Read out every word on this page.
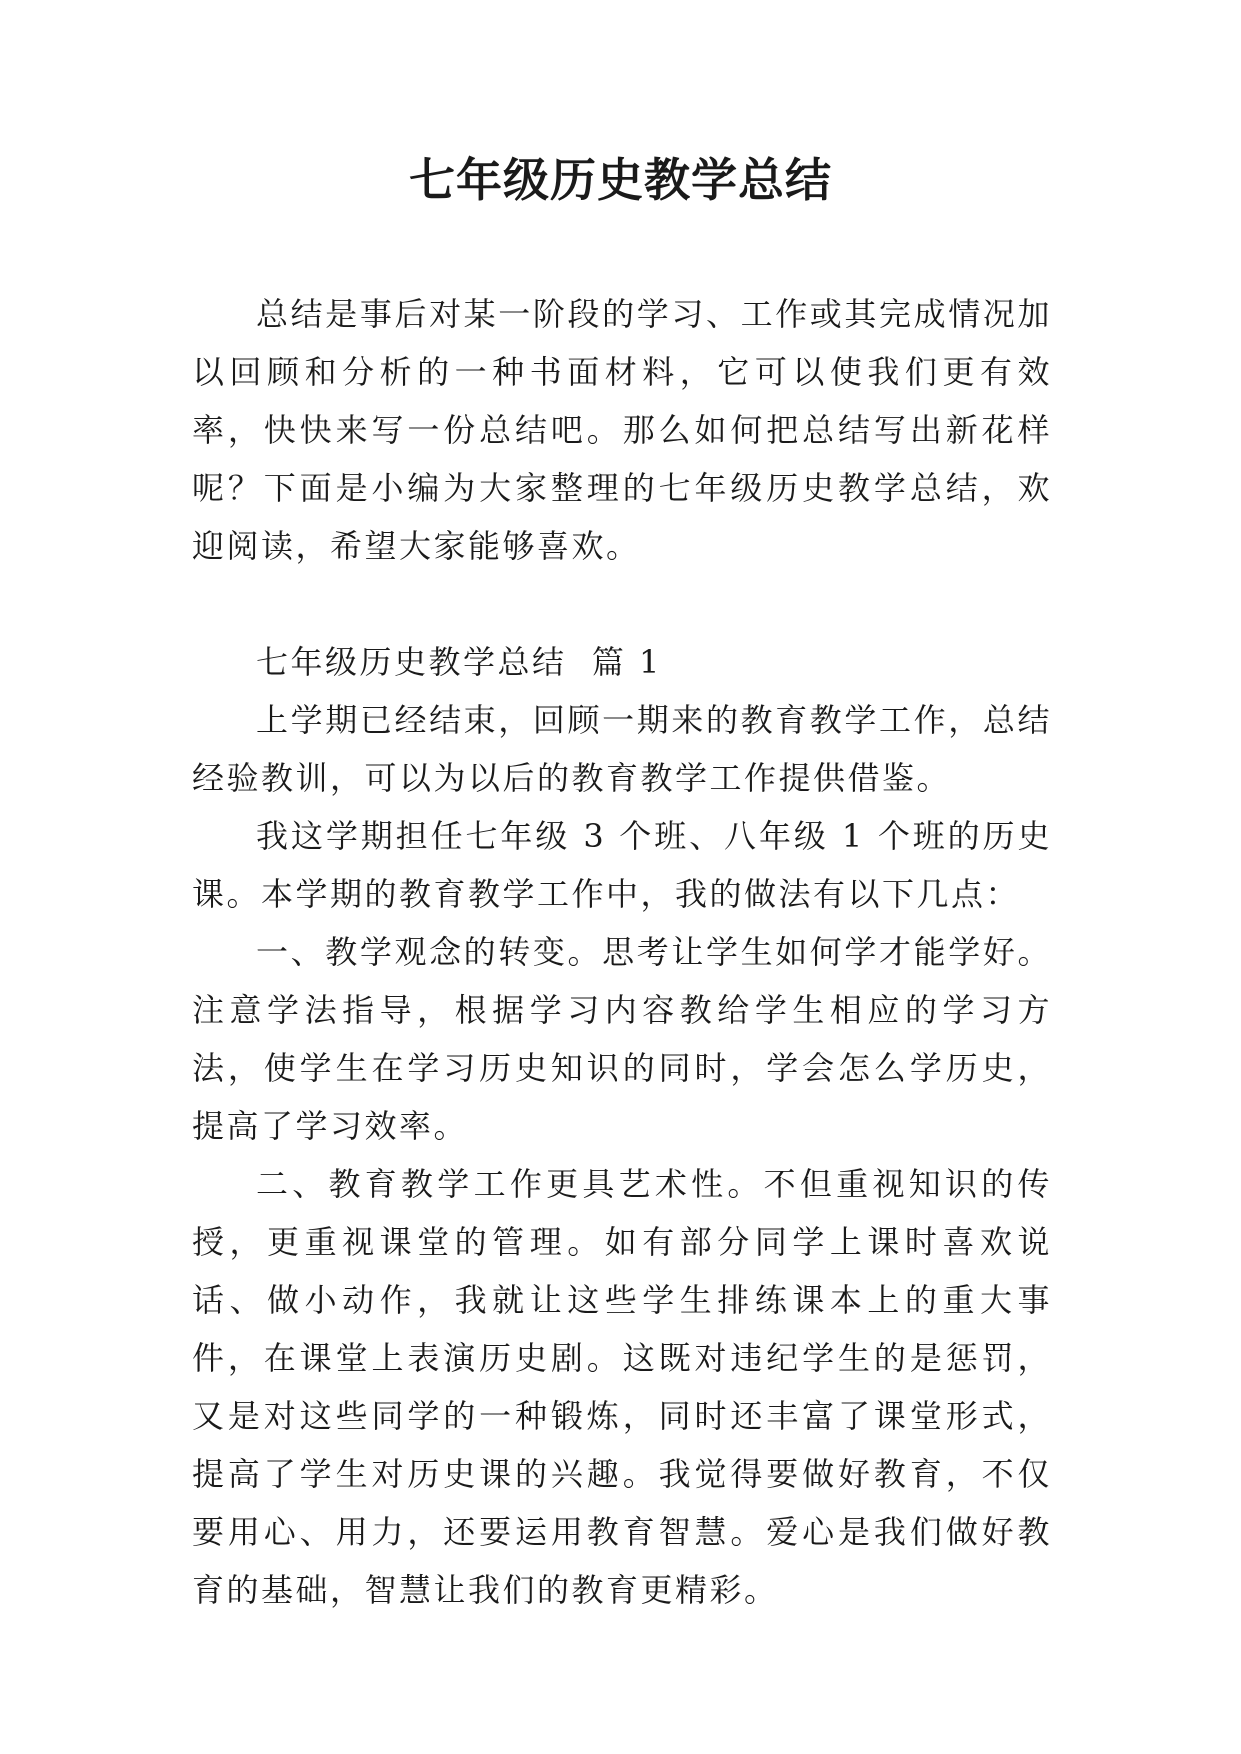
七年级历史教学总结

总结是事后对某一阶段的学习、工作或其完成情况加以回顾和分析的一种书面材料，它可以使我们更有效率，快快来写一份总结吧。那么如何把总结写出新花样呢？下面是小编为大家整理的七年级历史教学总结，欢迎阅读，希望大家能够喜欢。

七年级历史教学总结  篇 1

上学期已经结束，回顾一期来的教育教学工作，总结经验教训，可以为以后的教育教学工作提供借鉴。

我这学期担任七年级 3 个班、八年级 1 个班的历史课。本学期的教育教学工作中，我的做法有以下几点：

一、教学观念的转变。思考让学生如何学才能学好。注意学法指导，根据学习内容教给学生相应的学习方法，使学生在学习历史知识的同时，学会怎么学历史，提高了学习效率。

二、教育教学工作更具艺术性。不但重视知识的传授，更重视课堂的管理。如有部分同学上课时喜欢说话、做小动作，我就让这些学生排练课本上的重大事件，在课堂上表演历史剧。这既对违纪学生的是惩罚，又是对这些同学的一种锻炼，同时还丰富了课堂形式，提高了学生对历史课的兴趣。我觉得要做好教育，不仅要用心、用力，还要运用教育智慧。爱心是我们做好教育的基础，智慧让我们的教育更精彩。
